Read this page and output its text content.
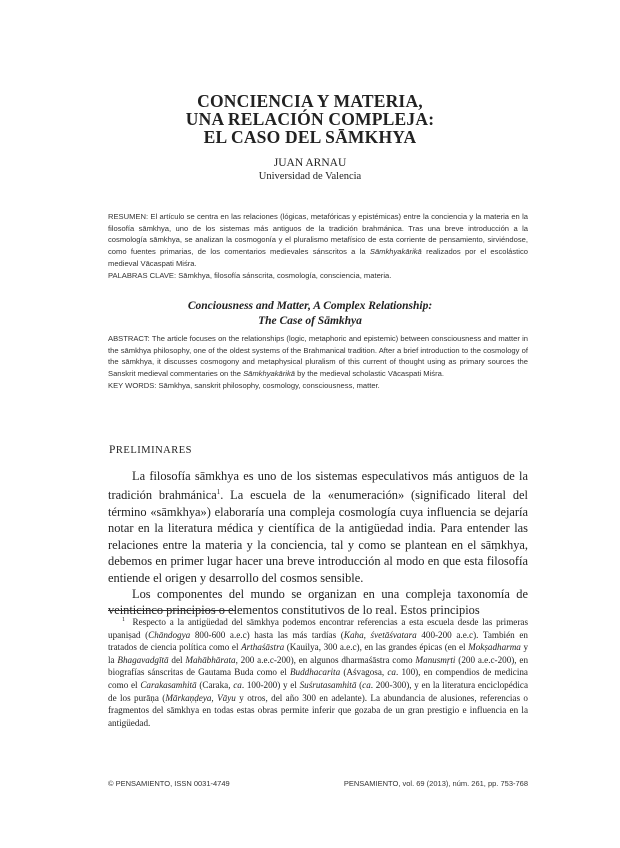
CONCIENCIA Y MATERIA,
UNA RELACIÓN COMPLEJA:
EL CASO DEL SĀMKHYA
JUAN ARNAU
Universidad de Valencia

RESUMEN: El artículo se centra en las relaciones (lógicas, metafóricas y epistémicas) entre la conciencia y la materia en la filosofía sāmkhya, uno de los sistemas más antiguos de la tradición brahmánica. Tras una breve introducción a la cosmología sāmkhya, se analizan la cosmogonía y el pluralismo metafísico de esta corriente de pensamiento, sirviéndose, como fuentes primarias, de los comentarios medievales sánscritos a la Sāmkhyakārikā realizados por el escolástico medieval Vācaspati Miśra.

PALABRAS CLAVE: Sāmkhya, filosofía sánscrita, cosmología, consciencia, materia.

Conciousness and Matter, A Complex Relationship:
The Case of Sāmkhya

ABSTRACT: The article focuses on the relationships (logic, metaphoric and epistemic) between consciousness and matter in the sāmkhya philosophy, one of the oldest systems of the Brahmanical tradition. After a brief introduction to the cosmology of the sāmkhya, it discusses cosmogony and metaphysical pluralism of this current of thought using as primary sources the Sanskrit medieval commentaries on the Sāmkhyakārikā by the medieval scholastic Vācaspati Miśra.

KEY WORDS: Sāmkhya, sanskrit philosophy, cosmology, consciousness, matter.

PRELIMINARES

La filosofía sāmkhya es uno de los sistemas especulativos más antiguos de la tradición brahmánica$^1$. La escuela de la «enumeración» (significado literal del término «sāmkhya») elaboraría una compleja cosmología cuya influencia se dejaría notar en la literatura médica y científica de la antigüedad india. Para entender las relaciones entre la materia y la conciencia, tal y como se plantean en el sāṃkhya, debemos en primer lugar hacer una breve introducción al modo en que esta filosofía entiende el origen y desarrollo del cosmos sensible.

Los componentes del mundo se organizan en una compleja taxonomía de veinticinco principios o elementos constitutivos de lo real. Estos principios

$^1$ Respecto a la antigüedad del sāmkhya podemos encontrar referencias a esta escuela desde las primeras upaniṣad (Chāndogya 800-600 a.e.c) hasta las más tardías (Kaha, śvetāśvatara 400-200 a.e.c). También en tratados de ciencia política como el Arthaśāstra (Kauilya, 300 a.e.c), en las grandes épicas (en el Mokṣadharma y la Bhagavadgītā del Mahābhārata, 200 a.e.c-200), en algunos dharmaśāstra como Manusmṛti (200 a.e.c-200), en biografías sánscritas de Gautama Buda como el Buddhacarita (Aśvagosa, ca. 100), en compendios de medicina como el Carakasamhitā (Caraka, ca. 100-200) y el Suśrutasamhitā (ca. 200-300), y en la literatura enciclopédica de los purāṇa (Mārkaṇḍeya, Vāyu y otros, del año 300 en adelante). La abundancia de alusiones, referencias o fragmentos del sāmkhya en todas estas obras permite inferir que gozaba de un gran prestigio e influencia en la antigüedad.

© PENSAMIENTO, ISSN 0031-4749	PENSAMIENTO, vol. 69 (2013), núm. 261, pp. 753-768
